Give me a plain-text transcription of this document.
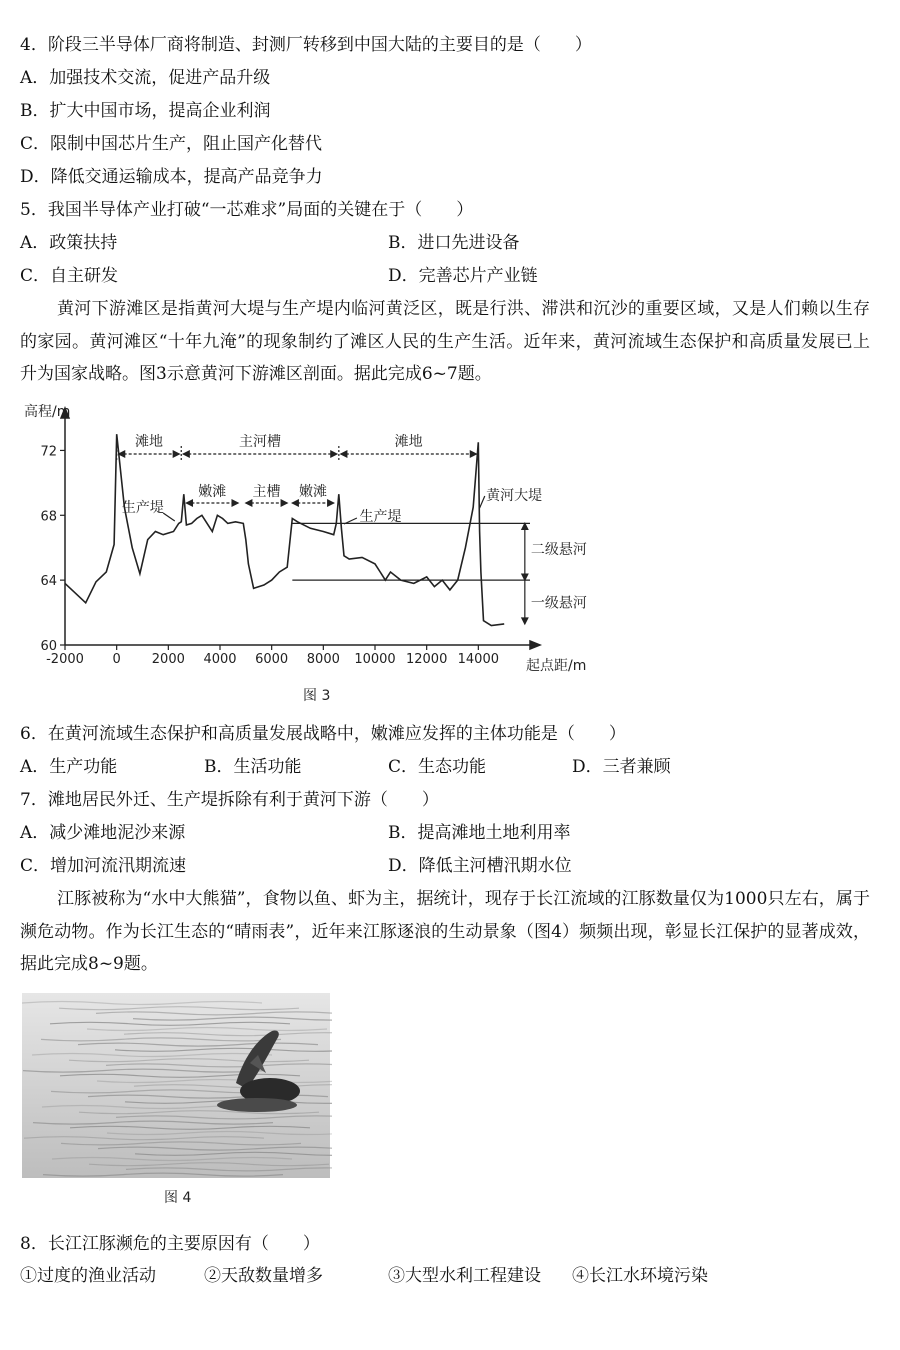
4．阶段三半导体厂商将制造、封测厂转移到中国大陆的主要目的是（　　）
A．加强技术交流，促进产品升级
B．扩大中国市场，提高企业利润
C．限制中国芯片生产，阻止国产化替代
D．降低交通运输成本，提高产品竞争力
5．我国半导体产业打破“一芯难求”局面的关键在于（　　）
A．政策扶持	B．进口先进设备
C．自主研发	D．完善芯片产业链
黄河下游滩区是指黄河大堤与生产堤内临河黄泛区，既是行洪、滞洪和沉沙的重要区域，又是人们赖以生存的家园。黄河滩区“十年九淹”的现象制约了滩区人民的生产生活。近年来，黄河流域生态保护和高质量发展已上升为国家战略。图3示意黄河下游滩区剖面。据此完成6~7题。
高程/m
起点距/m
60
64
68
72
-2000 0 2000 4000 6000 8000 10000 12000 14000
滩地	主河槽	滩地
嫩滩 主槽 嫩滩
生产堤
生产堤
黄河大堤
二级悬河
一级悬河
图 3
6．在黄河流域生态保护和高质量发展战略中，嫩滩应发挥的主体功能是（　　）
A．生产功能	B．生活功能	C．生态功能	D．三者兼顾
7．滩地居民外迁、生产堤拆除有利于黄河下游（　　）
A．减少滩地泥沙来源	B．提高滩地土地利用率
C．增加河流汛期流速	D．降低主河槽汛期水位
江豚被称为“水中大熊猫”，食物以鱼、虾为主，据统计，现存于长江流域的江豚数量仅为1000只左右，属于濒危动物。作为长江生态的“晴雨表”，近年来江豚逐浪的生动景象（图4）频频出现，彰显长江保护的显著成效，据此完成8~9题。
图 4
8．长江江豚濒危的主要原因有（　　）
①过度的渔业活动	②天敌数量增多	③大型水利工程建设 ④长江水环境污染
